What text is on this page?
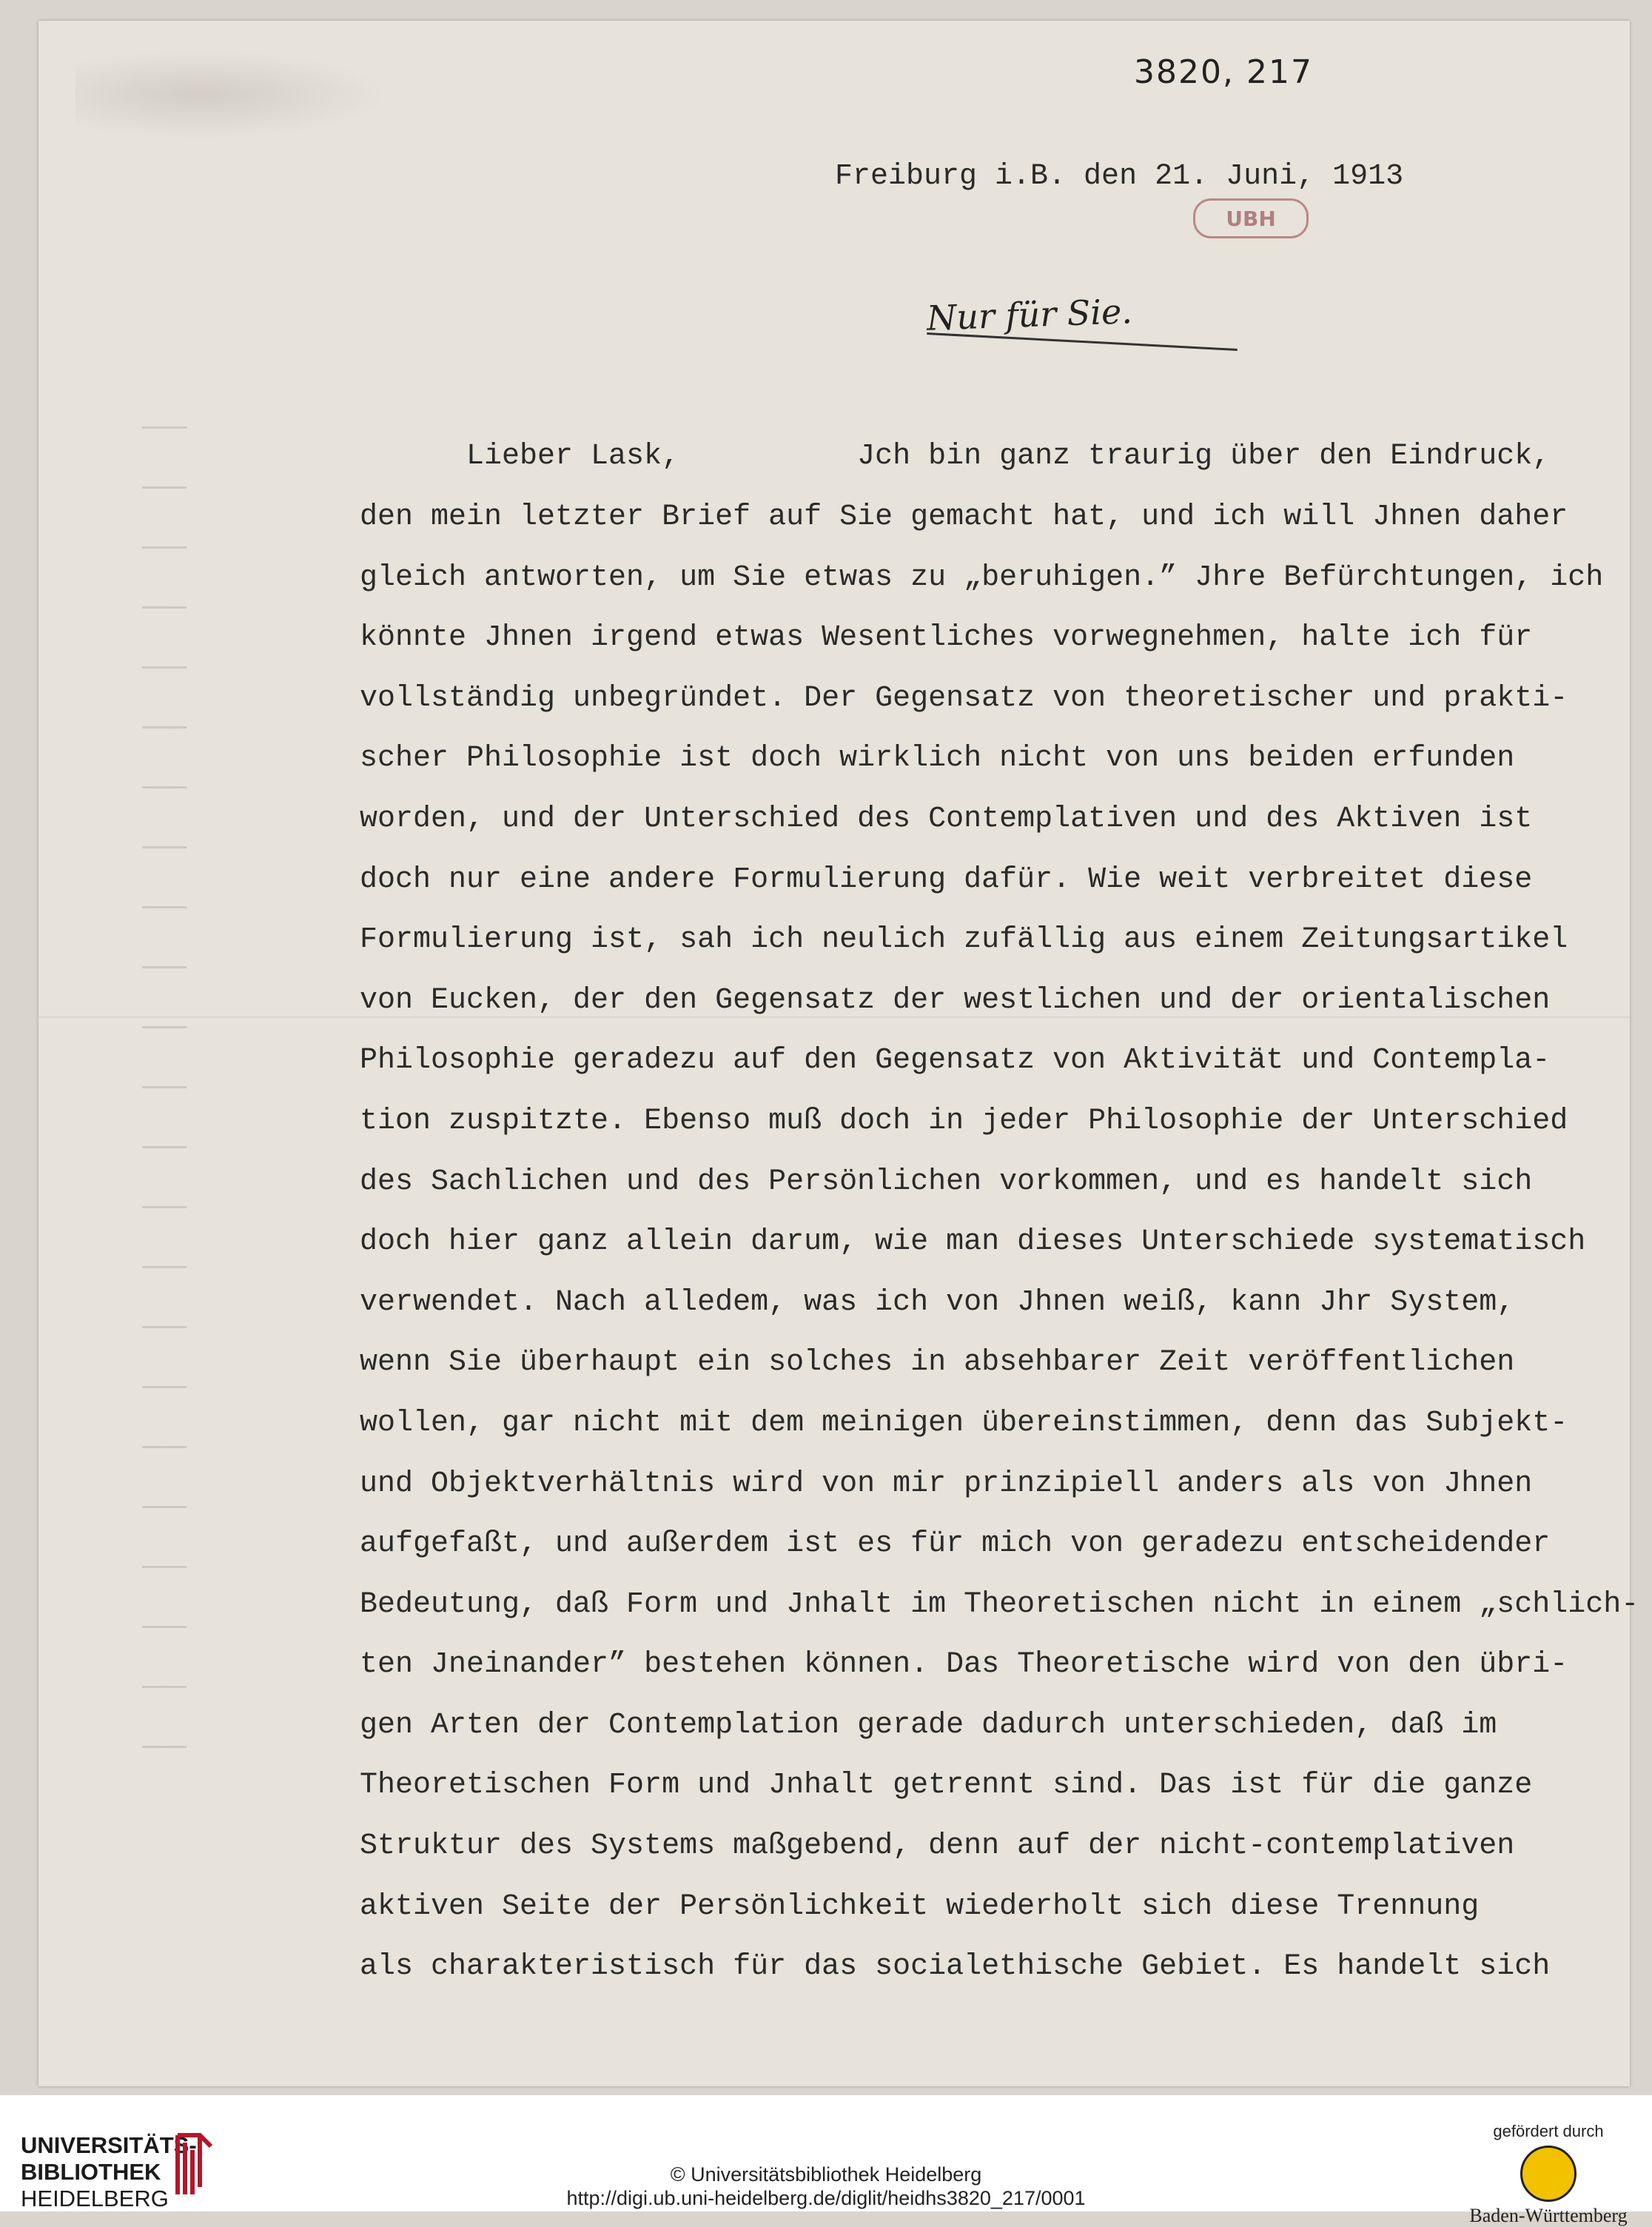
3820, 217
UBH
Freiburg i.B. den 21. Juni, 1913
Nur für Sie.
Lieber Lask,	Jch bin ganz traurig über den Eindruck,
den mein letzter Brief auf Sie gemacht hat, und ich will Jhnen daher
gleich antworten, um Sie etwas zu „beruhigen.” Jhre Befürchtungen, ich
könnte Jhnen irgend etwas Wesentliches vorwegnehmen, halte ich für
vollständig unbegründet. Der Gegensatz von theoretischer und prakti-
scher Philosophie ist doch wirklich nicht von uns beiden erfunden
worden, und der Unterschied des Contemplativen und des Aktiven ist
doch nur eine andere Formulierung dafür. Wie weit verbreitet diese
Formulierung ist, sah ich neulich zufällig aus einem Zeitungsartikel
von Eucken, der den Gegensatz der westlichen und der orientalischen
Philosophie geradezu auf den Gegensatz von Aktivität und Contempla-
tion zuspitzte. Ebenso muß doch in jeder Philosophie der Unterschied
des Sachlichen und des Persönlichen vorkommen, und es handelt sich
doch hier ganz allein darum, wie man dieses Unterschiede systematisch
verwendet. Nach alledem, was ich von Jhnen weiß, kann Jhr System,
wenn Sie überhaupt ein solches in absehbarer Zeit veröffentlichen
wollen, gar nicht mit dem meinigen übereinstimmen, denn das Subjekt-
und Objektverhältnis wird von mir prinzipiell anders als von Jhnen
aufgefaßt, und außerdem ist es für mich von geradezu entscheidender
Bedeutung, daß Form und Jnhalt im Theoretischen nicht in einem „schlich-
ten Jneinander” bestehen können. Das Theoretische wird von den übri-
gen Arten der Contemplation gerade dadurch unterschieden, daß im
Theoretischen Form und Jnhalt getrennt sind. Das ist für die ganze
Struktur des Systems maßgebend, denn auf der nicht-contemplativen
aktiven Seite der Persönlichkeit wiederholt sich diese Trennung
als charakteristisch für das socialethische Gebiet. Es handelt sich
UNIVERSITÄTS-
BIBLIOTHEK
HEIDELBERG
© Universitätsbibliothek Heidelberg
http://digi.ub.uni-heidelberg.de/diglit/heidhs3820_217/0001
gefördert durch
Baden-Württemberg
